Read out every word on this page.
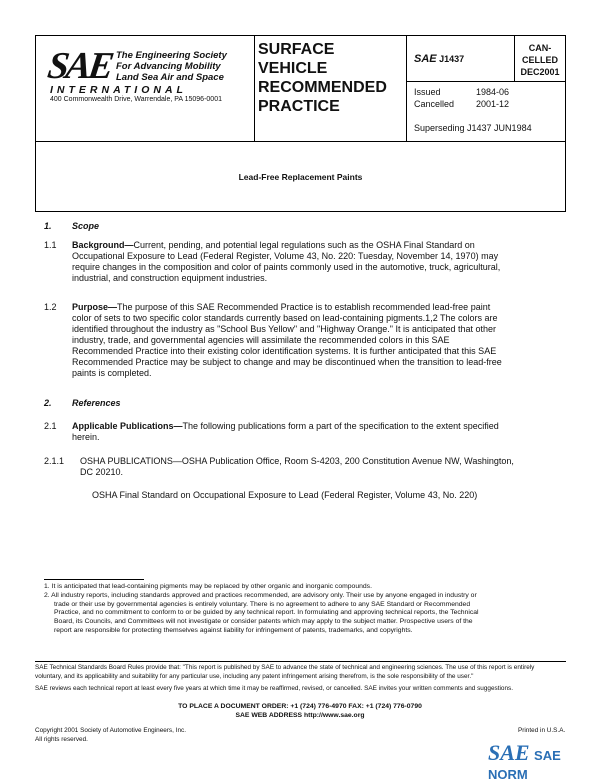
SAE The Engineering Society
For Advancing Mobility
Land Sea Air and Space
INTERNATIONAL
400 Commonwealth Drive, Warrendale, PA 15096-0001
SURFACE
VEHICLE
RECOMMENDED
PRACTICE
SAE J1437
CAN-
CELLED
DEC2001
Issued	1984-06
Cancelled 2001-12
Superseding J1437 JUN1984
Lead-Free Replacement Paints
1. Scope
1.1 Background—Current, pending, and potential legal regulations such as the OSHA Final Standard on
Occupational Exposure to Lead (Federal Register, Volume 43, No. 220: Tuesday, November 14, 1970) may
require changes in the composition and color of paints commonly used in the automotive, truck, agricultural,
industrial, and construction equipment industries.
1.2 Purpose—The purpose of this SAE Recommended Practice is to establish recommended lead-free paint
color of sets to two specific color standards currently based on lead-containing pigments.1,2 The colors are
identified throughout the industry as "School Bus Yellow" and "Highway Orange." It is anticipated that other
industry, trade, and governmental agencies will assimilate the recommended colors in this SAE
Recommended Practice into their existing color identification systems. It is further anticipated that this SAE
Recommended Practice may be subject to change and may be discontinued when the transition to lead-free
paints is completed.
2. References
2.1 Applicable Publications—The following publications form a part of the specification to the extent specified
herein.
2.1.1 OSHA PUBLICATIONS—OSHA Publication Office, Room S-4203, 200 Constitution Avenue NW, Washington,
DC 20210.
OSHA Final Standard on Occupational Exposure to Lead (Federal Register, Volume 43, No. 220)
1. It is anticipated that lead-containing pigments may be replaced by other organic and inorganic compounds.
2. All industry reports, including standards approved and practices recommended, are advisory only. Their use by anyone engaged in industry or
trade or their use by governmental agencies is entirely voluntary. There is no agreement to adhere to any SAE Standard or Recommended
Practice, and no commitment to conform to or be guided by any technical report. In formulating and approving technical reports, the Technical
Board, its Councils, and Committees will not investigate or consider patents which may apply to the subject matter. Prospective users of the
report are responsible for protecting themselves against liability for infringement of patents, trademarks, and copyrights.
SAE Technical Standards Board Rules provide that: "This report is published by SAE to advance the state of technical and engineering sciences. The use of this report is entirely
voluntary, and its applicability and suitability for any particular use, including any patent infringement arising therefrom, is the sole responsibility of the user."
SAE reviews each technical report at least every five years at which time it may be reaffirmed, revised, or cancelled. SAE invites your written comments and suggestions.
TO PLACE A DOCUMENT ORDER: +1 (724) 776-4970 FAX: +1 (724) 776-0790
SAE WEB ADDRESS http://www.sae.org
Copyright 2001 Society of Automotive Engineers, Inc.
All rights reserved.
Printed in U.S.A.
SAE SAE NORM
